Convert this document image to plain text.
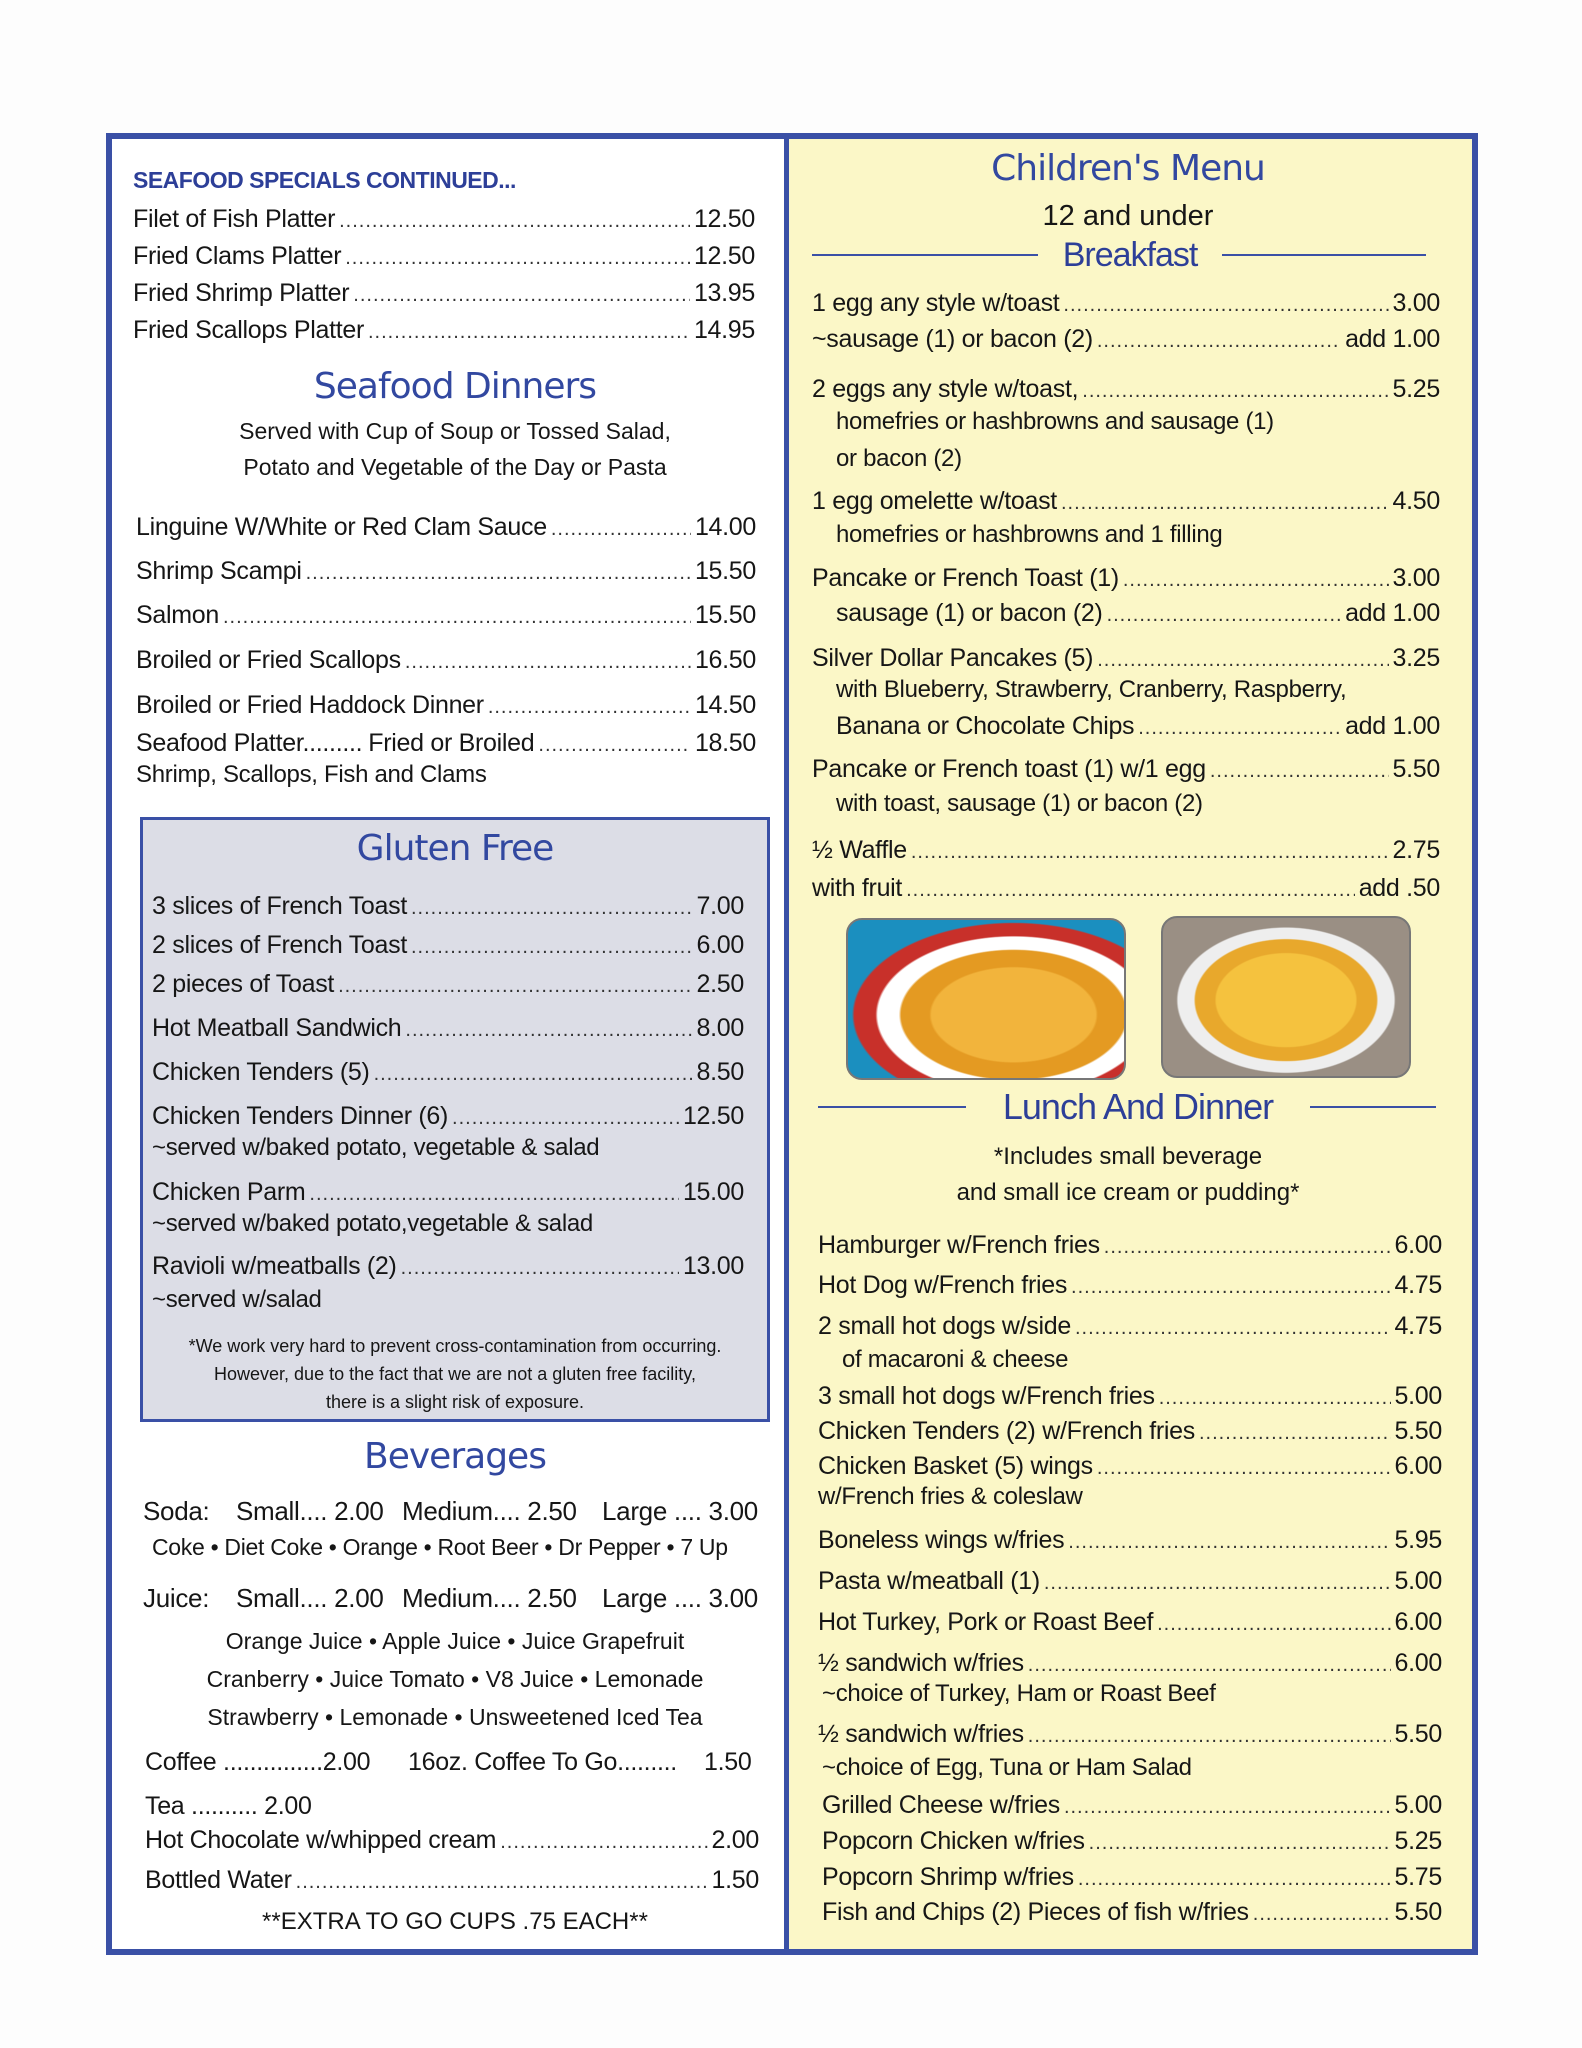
SEAFOOD SPECIALS CONTINUED...
Filet of Fish Platter .....	12.50
Fried Clams Platter .....	12.50
Fried Shrimp Platter .....	13.95
Fried Scallops Platter .....	14.95
Seafood Dinners
Served with Cup of Soup or Tossed Salad,
Potato and Vegetable of the Day or Pasta
Linguine W/White or Red Clam Sauce .....	14.00
Shrimp Scampi .....	15.50
Salmon .....	15.50
Broiled or Fried Scallops .....	16.50
Broiled or Fried Haddock Dinner .....	14.50
Seafood Platter......... Fried or Broiled .....	18.50
Shrimp, Scallops, Fish and Clams
Gluten Free
3 slices of French Toast .....	7.00
2 slices of French Toast .....	6.00
2 pieces of Toast .....	2.50
Hot Meatball Sandwich .....	8.00
Chicken Tenders (5) .....	8.50
Chicken Tenders Dinner (6) .....	12.50
~served w/baked potato, vegetable & salad
Chicken Parm .....	15.00
~served w/baked potato,vegetable & salad
Ravioli w/meatballs (2) .....	13.00
~served w/salad
*We work very hard to prevent cross-contamination from occurring.
However, due to the fact that we are not a gluten free facility,
there is a slight risk of exposure.
Beverages
Soda: Small.... 2.00 Medium.... 2.50 Large .... 3.00
Coke • Diet Coke • Orange • Root Beer • Dr Pepper • 7 Up
Juice: Small.... 2.00 Medium.... 2.50 Large .... 3.00
Orange Juice • Apple Juice • Juice Grapefruit
Cranberry • Juice Tomato • V8 Juice • Lemonade
Strawberry • Lemonade • Unsweetened Iced Tea
Coffee ...............2.00 16oz. Coffee To Go......... 1.50
Tea .......... 2.00
Hot Chocolate w/whipped cream .....	2.00
Bottled Water .....	1.50
**EXTRA TO GO CUPS .75 EACH**
Children's Menu
12 and under
Breakfast
1 egg any style w/toast .....	3.00
~sausage (1) or bacon (2) .....	add 1.00
2 eggs any style w/toast, .....	5.25
homefries or hashbrowns and sausage (1)
or bacon (2)
1 egg omelette w/toast .....	4.50
homefries or hashbrowns and 1 filling
Pancake or French Toast (1) .....	3.00
sausage (1) or bacon (2) .....	add 1.00
Silver Dollar Pancakes (5) .....	3.25
with Blueberry, Strawberry, Cranberry, Raspberry,
Banana or Chocolate Chips .....	add 1.00
Pancake or French toast (1) w/1 egg .....	5.50
with toast, sausage (1) or bacon (2)
½ Waffle .....	2.75
with fruit .....	add .50
Lunch And Dinner
*Includes small beverage
and small ice cream or pudding*
Hamburger w/French fries .....	6.00
Hot Dog w/French fries .....	4.75
2 small hot dogs w/side .....	4.75
of macaroni & cheese
3 small hot dogs w/French fries .....	5.00
Chicken Tenders (2) w/French fries .....	5.50
Chicken Basket (5) wings .....	6.00
w/French fries & coleslaw
Boneless wings w/fries .....	5.95
Pasta w/meatball (1) .....	5.00
Hot Turkey, Pork or Roast Beef .....	6.00
½ sandwich w/fries .....	6.00
~choice of Turkey, Ham or Roast Beef
½ sandwich w/fries .....	5.50
~choice of Egg, Tuna or Ham Salad
Grilled Cheese w/fries .....	5.00
Popcorn Chicken w/fries .....	5.25
Popcorn Shrimp w/fries .....	5.75
Fish and Chips (2) Pieces of fish w/fries .....	5.50
